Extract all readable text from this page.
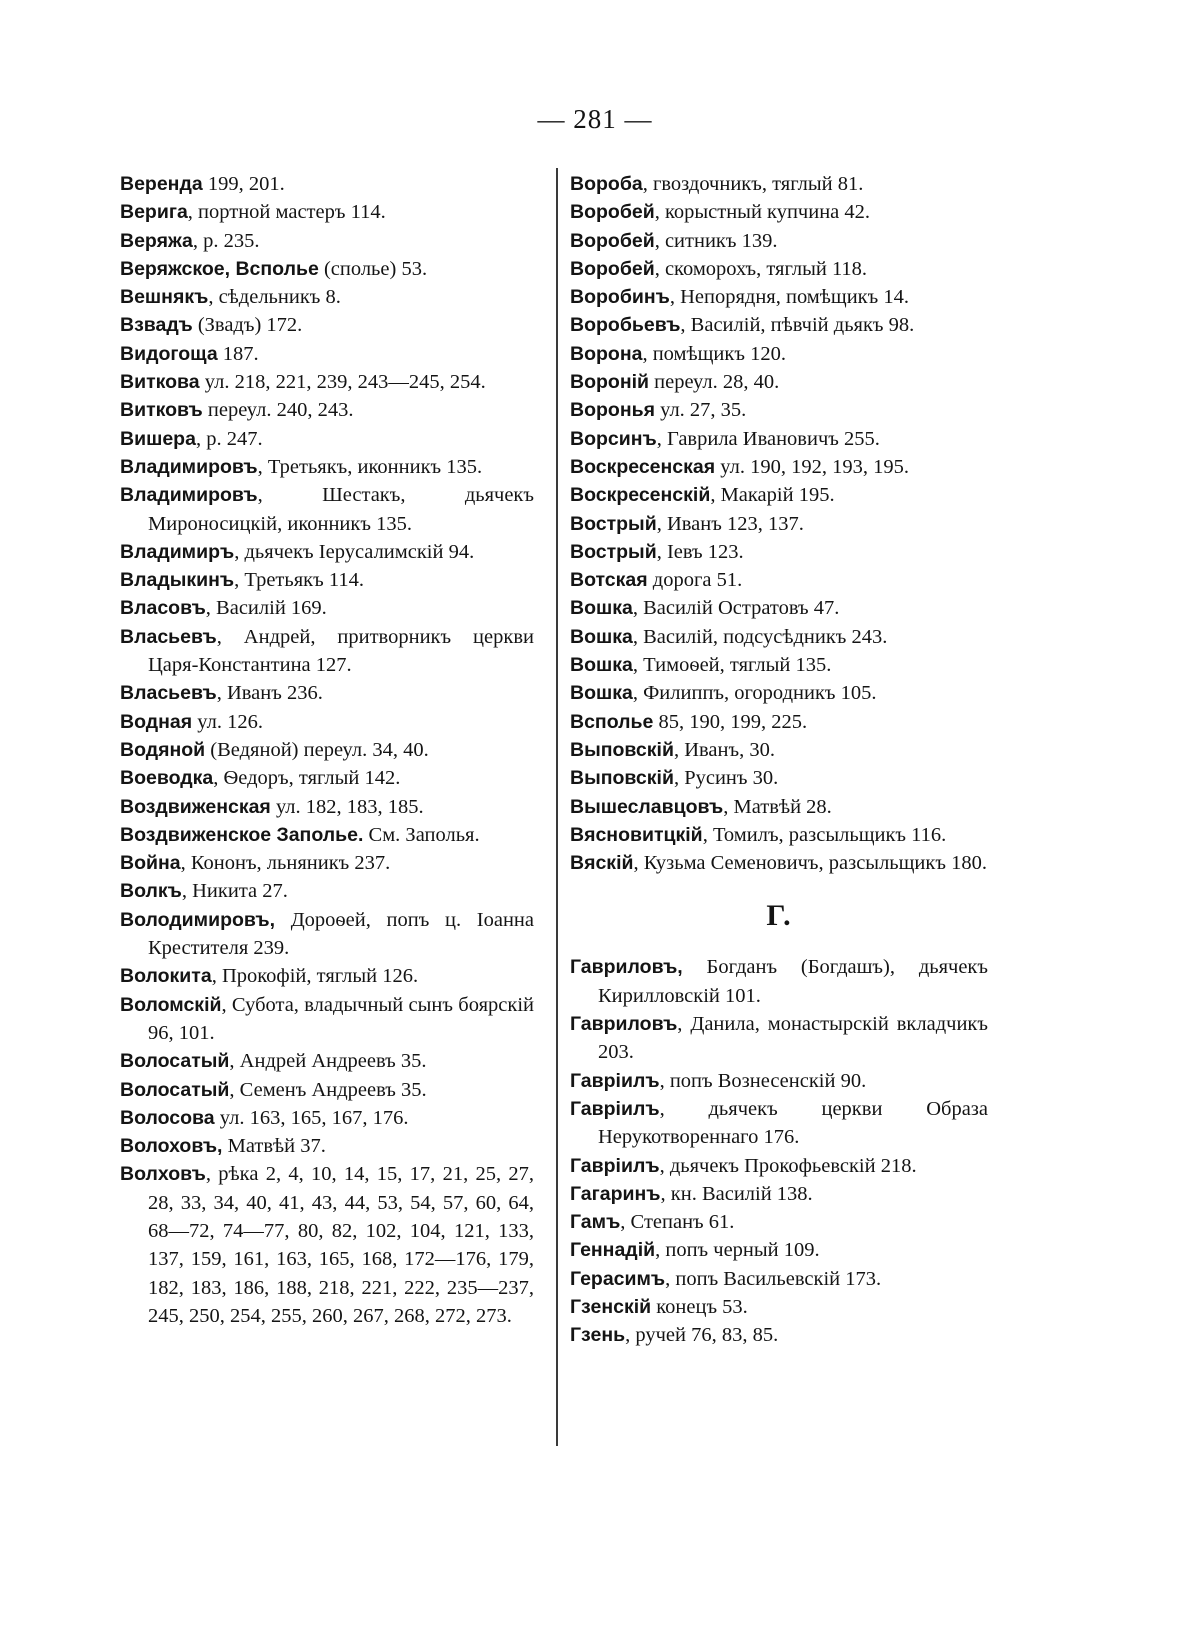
— 281 —
Веренда 199, 201.
Верига, портной мастеръ 114.
Веряжа, р. 235.
Веряжское, Всполье (сполье) 53.
Вешнякъ, сѣдельникъ 8.
Взвадъ (Звадъ) 172.
Видогоща 187.
Виткова ул. 218, 221, 239, 243—245, 254.
Витковъ переул. 240, 243.
Вишера, р. 247.
Владимировъ, Третьякъ, иконникъ 135.
Владимировъ, Шестакъ, дьячекъ Мироносицкій, иконникъ 135.
Владимиръ, дьячекъ Іерусалимскій 94.
Владыкинъ, Третьякъ 114.
Власовъ, Василій 169.
Власьевъ, Андрей, притворникъ церкви Царя-Константина 127.
Власьевъ, Иванъ 236.
Водная ул. 126.
Водяной (Ведяной) переул. 34, 40.
Воеводка, Ѳедоръ, тяглый 142.
Воздвиженская ул. 182, 183, 185.
Воздвиженское Заполье. См. Заполья.
Война, Кононъ, льняникъ 237.
Волкъ, Никита 27.
Володимировъ, Дороѳей, попъ ц. Іоанна Крестителя 239.
Волокита, Прокофій, тяглый 126.
Воломскій, Субота, владычный сынъ боярскій 96, 101.
Волосатый, Андрей Андреевъ 35.
Волосатый, Семенъ Андреевъ 35.
Волосова ул. 163, 165, 167, 176.
Волоховъ, Матвѣй 37.
Волховъ, рѣка 2, 4, 10, 14, 15, 17, 21, 25, 27, 28, 33, 34, 40, 41, 43, 44, 53, 54, 57, 60, 64, 68—72, 74—77, 80, 82, 102, 104, 121, 133, 137, 159, 161, 163, 165, 168, 172—176, 179, 182, 183, 186, 188, 218, 221, 222, 235—237, 245, 250, 254, 255, 260, 267, 268, 272, 273.
Вороба, гвоздочникъ, тяглый 81.
Воробей, корыстный купчина 42.
Воробей, ситникъ 139.
Воробей, скоморохъ, тяглый 118.
Воробинъ, Непорядня, помѣщикъ 14.
Воробьевъ, Василій, пѣвчій дьякъ 98.
Ворона, помѣщикъ 120.
Вороній переул. 28, 40.
Воронья ул. 27, 35.
Ворсинъ, Гаврила Ивановичъ 255.
Воскресенская ул. 190, 192, 193, 195.
Воскресенскій, Макарій 195.
Вострый, Иванъ 123, 137.
Вострый, Іевъ 123.
Вотская дорога 51.
Вошка, Василій Остратовъ 47.
Вошка, Василій, подсусѣдникъ 243.
Вошка, Тимоѳей, тяглый 135.
Вошка, Филиппъ, огородникъ 105.
Всполье 85, 190, 199, 225.
Выповскій, Иванъ, 30.
Выповскій, Русинъ 30.
Вышеславцовъ, Матвѣй 28.
Вясновитцкій, Томилъ, разсыльщикъ 116.
Вяскій, Кузьма Семеновичъ, разсыльщикъ 180.
Г.
Гавриловъ, Богданъ (Богдашъ), дьячекъ Кирилловскій 101.
Гавриловъ, Данила, монастырскій вкладчикъ 203.
Гавріилъ, попъ Вознесенскій 90.
Гавріилъ, дьячекъ церкви Образа Нерукотвореннаго 176.
Гавріилъ, дьячекъ Прокофьевскій 218.
Гагаринъ, кн. Василій 138.
Гамъ, Степанъ 61.
Геннадій, попъ черный 109.
Герасимъ, попъ Васильевскій 173.
Гзенскій конецъ 53.
Гзень, ручей 76, 83, 85.
